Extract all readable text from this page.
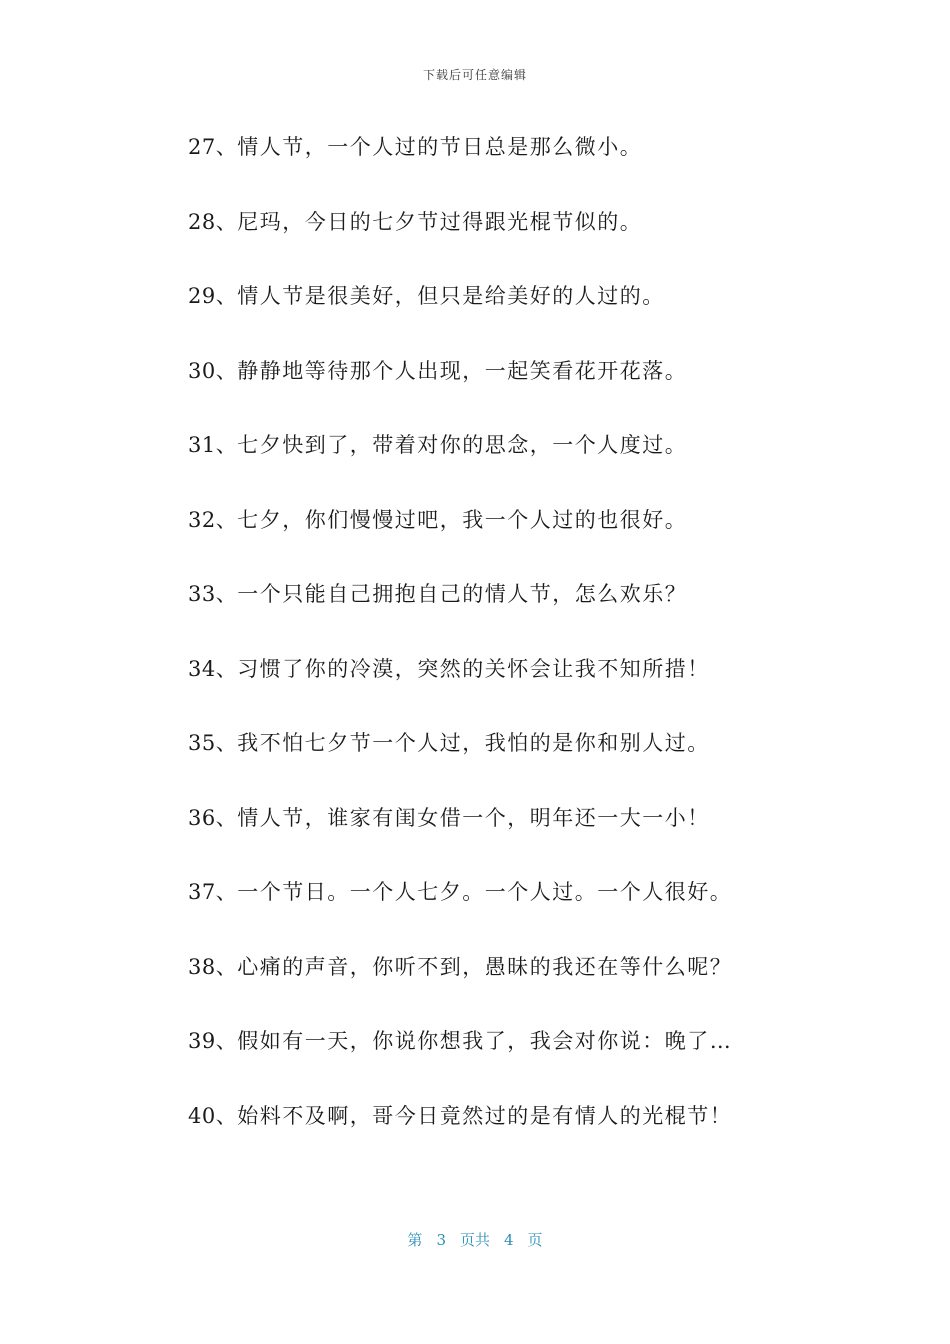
下载后可任意编辑
27、情人节，一个人过的节日总是那么微小。
28、尼玛，今日的七夕节过得跟光棍节似的。
29、情人节是很美好，但只是给美好的人过的。
30、静静地等待那个人出现，一起笑看花开花落。
31、七夕快到了，带着对你的思念，一个人度过。
32、七夕，你们慢慢过吧，我一个人过的也很好。
33、一个只能自己拥抱自己的情人节，怎么欢乐？
34、习惯了你的冷漠，突然的关怀会让我不知所措！
35、我不怕七夕节一个人过，我怕的是你和别人过。
36、情人节，谁家有闺女借一个，明年还一大一小！
37、一个节日。一个人七夕。一个人过。一个人很好。
38、心痛的声音，你听不到，愚昧的我还在等什么呢？
39、假如有一天，你说你想我了，我会对你说：晚了…
40、始料不及啊，哥今日竟然过的是有情人的光棍节！
第 3 页共 4 页
